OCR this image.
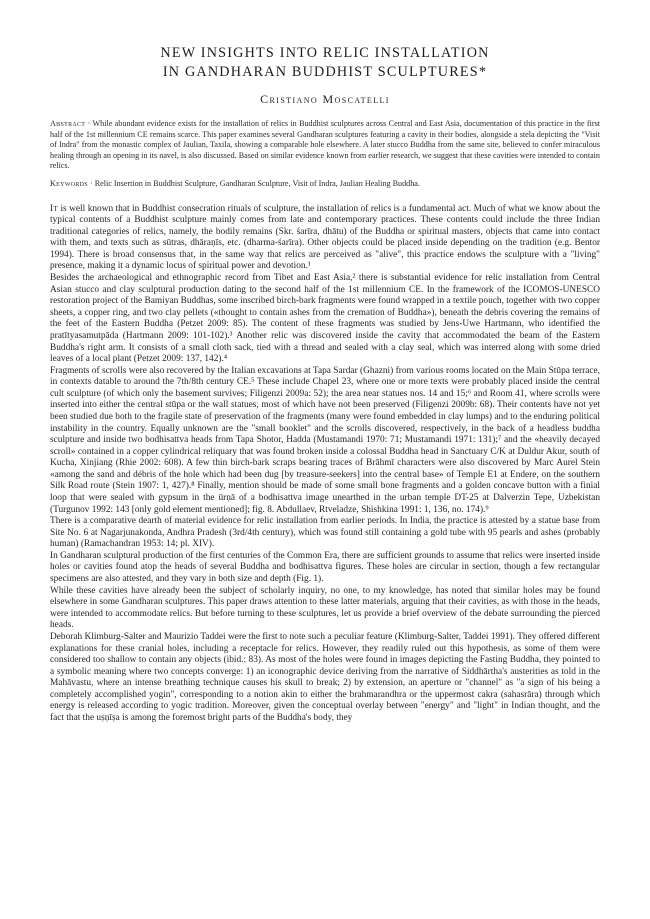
NEW INSIGHTS INTO RELIC INSTALLATION
IN GANDHARAN BUDDHIST SCULPTURES*
Cristiano Moscatelli
Abstract · While abundant evidence exists for the installation of relics in Buddhist sculptures across Central and East Asia, documentation of this practice in the first half of the 1st millennium CE remains scarce. This paper examines several Gandharan sculptures featuring a cavity in their bodies, alongside a stela depicting the "Visit of Indra" from the monastic complex of Jaulian, Taxila, showing a comparable hole elsewhere. A later stucco Buddha from the same site, believed to confer miraculous healing through an opening in its navel, is also discussed. Based on similar evidence known from earlier research, we suggest that these cavities were intended to contain relics.
Keywords · Relic Insertion in Buddhist Sculpture, Gandharan Sculpture, Visit of Indra, Jaulian Healing Buddha.

It is well known that in Buddhist consecration rituals of sculpture, the installation of relics is a fundamental act. Much of what we know about the typical contents of a Buddhist sculpture mainly comes from late and contemporary practices. These contents could include the three Indian traditional categories of relics, namely, the bodily remains (Skr. śarīra, dhātu) of the Buddha or spiritual masters, objects that came into contact with them, and texts such as sūtras, dhāraṇīs, etc. (dharma-śarīra). Other objects could be placed inside depending on the tradition (e.g. Bentor 1994). There is broad consensus that, in the same way that relics are perceived as "alive", this practice endows the sculpture with a "living" presence, making it a dynamic locus of spiritual power and devotion.¹

Besides the archaeological and ethnographic record from Tibet and East Asia,² there is substantial evidence for relic installation from Central Asian stucco and clay sculptural production dating to the second half of the 1st millennium CE. In the framework of the ICOMOS-UNESCO restoration project of the Bamiyan Buddhas, some inscribed birch-bark fragments were found wrapped in a textile pouch, together with two copper sheets, a copper ring, and two clay pellets («thought to contain ashes from the cremation of Buddha»), beneath the debris covering the remains of the feet of the Eastern Buddha (Petzet 2009: 85). The content of these fragments was studied by Jens-Uwe Hartmann, who identified the pratītyasamutpāda (Hartmann 2009: 101-102).³ Another relic was discovered inside the cavity that accommodated the beam of the Eastern Buddha's right arm. It consists of a small cloth sack, tied with a thread and sealed with a clay seal, which was interred along with some dried leaves of a local plant (Petzet 2009: 137, 142).⁴

Fragments of scrolls were also recovered by the Italian excavations at Tapa Sardar (Ghazni) from various rooms located on the Main Stūpa terrace, in contexts datable to around the 7th/8th century CE.⁵ These include Chapel 23, where one or more texts were probably placed inside the central cult sculpture (of which only the basement survives; Filigenzi 2009a: 52); the area near statues nos. 14 and 15;⁶ and Room 41, where scrolls were inserted into either the central stūpa or the wall statues, most of which have not been preserved (Filigenzi 2009b: 68). Their contents have not yet been studied due both to the fragile state of preservation of the fragments (many were found embedded in clay lumps) and to the enduring political instability in the country. Equally unknown are the "small booklet" and the scrolls discovered, respectively, in the back of a headless buddha sculpture and inside two bodhisattva heads from Tapa Shotor, Hadda (Mustamandi 1970: 71; Mustamandi 1971: 131);⁷ and the «heavily decayed scroll» contained in a copper cylindrical reliquary that was found broken inside a colossal Buddha head in Sanctuary C/K at Duldur Akur, south of Kucha, Xinjiang (Rhie 2002: 608). A few thin birch-bark scraps bearing traces of Brāhmī characters were also discovered by Marc Aurel Stein «among the sand and débris of the hole which had been dug [by treasure-seekers] into the central base» of Temple E1 at Endere, on the southern Silk Road route (Stein 1907: 1, 427).⁸ Finally, mention should be made of some small bone fragments and a golden concave button with a finial loop that were sealed with gypsum in the ūrṇā of a bodhisattva image unearthed in the urban temple DT-25 at Dalverzin Tepe, Uzbekistan (Turgunov 1992: 143 [only gold element mentioned]; fig. 8. Abdullaev, Rtveladze, Shishkina 1991: 1, 136, no. 174).⁹

There is a comparative dearth of material evidence for relic installation from earlier periods. In India, the practice is attested by a statue base from Site No. 6 at Nagarjunakonda, Andhra Pradesh (3rd/4th century), which was found still containing a gold tube with 95 pearls and ashes (probably human) (Ramachandran 1953: 14; pl. XIV).

In Gandharan sculptural production of the first centuries of the Common Era, there are sufficient grounds to assume that relics were inserted inside holes or cavities found atop the heads of several Buddha and bodhisattva figures. These holes are circular in section, though a few rectangular specimens are also attested, and they vary in both size and depth (Fig. 1).

While these cavities have already been the subject of scholarly inquiry, no one, to my knowledge, has noted that similar holes may be found elsewhere in some Gandharan sculptures. This paper draws attention to these latter materials, arguing that their cavities, as with those in the heads, were intended to accommodate relics. But before turning to these sculptures, let us provide a brief overview of the debate surrounding the pierced heads.

Deborah Klimburg-Salter and Maurizio Taddei were the first to note such a peculiar feature (Klimburg-Salter, Taddei 1991). They offered different explanations for these cranial holes, including a receptacle for relics. However, they readily ruled out this hypothesis, as some of them were considered too shallow to contain any objects (ibid.: 83). As most of the holes were found in images depicting the Fasting Buddha, they pointed to a symbolic meaning where two concepts converge: 1) an iconographic device deriving from the narrative of Siddhārtha's austerities as told in the Mahāvastu, where an intense breathing technique causes his skull to break; 2) by extension, an aperture or "channel" as "a sign of his being a completely accomplished yogin", corresponding to a notion akin to either the brahmarandhra or the uppermost cakra (sahasrāra) through which energy is released according to yogic tradition. Moreover, given the conceptual overlay between "energy" and "light" in Indian thought, and the fact that the uṣṇīṣa is among the foremost bright parts of the Buddha's body, they
